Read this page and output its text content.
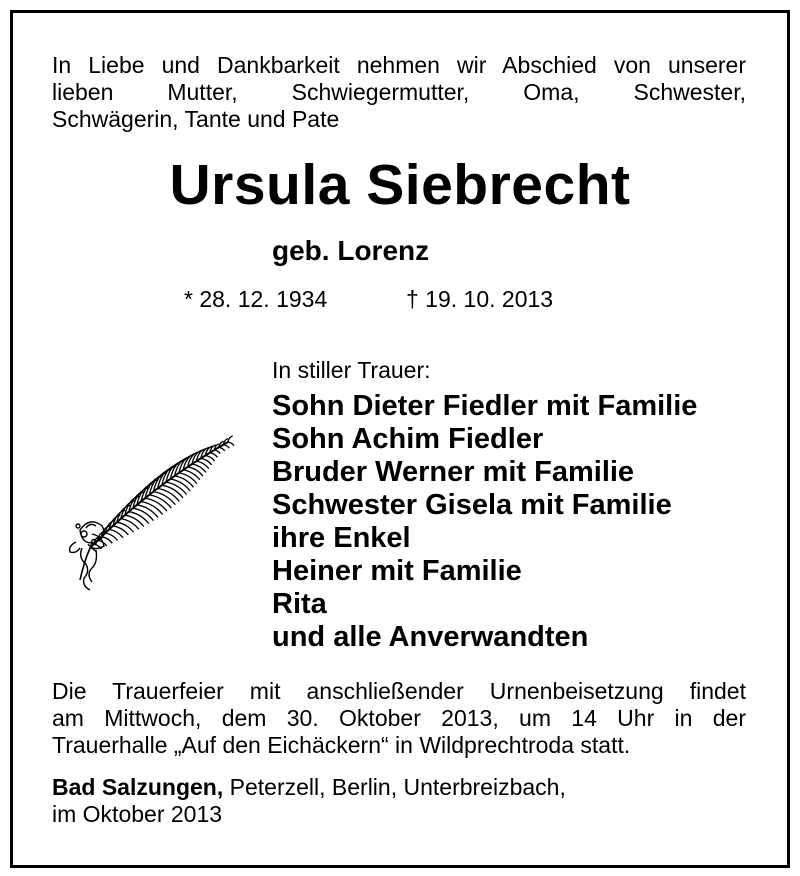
In Liebe und Dankbarkeit nehmen wir Abschied von unserer
lieben Mutter, Schwiegermutter, Oma, Schwester,
Schwägerin, Tante und Pate
Ursula Siebrecht
geb. Lorenz
* 28. 12. 1934	† 19. 10. 2013
In stiller Trauer:
Sohn Dieter Fiedler mit Familie
Sohn Achim Fiedler
Bruder Werner mit Familie
Schwester Gisela mit Familie
ihre Enkel
Heiner mit Familie
Rita
und alle Anverwandten
Die Trauerfeier mit anschließender Urnenbeisetzung findet
am Mittwoch, dem 30. Oktober 2013, um 14 Uhr in der
Trauerhalle „Auf den Eichäckern“ in Wildprechtroda statt.
Bad Salzungen, Peterzell, Berlin, Unterbreizbach,
im Oktober 2013
